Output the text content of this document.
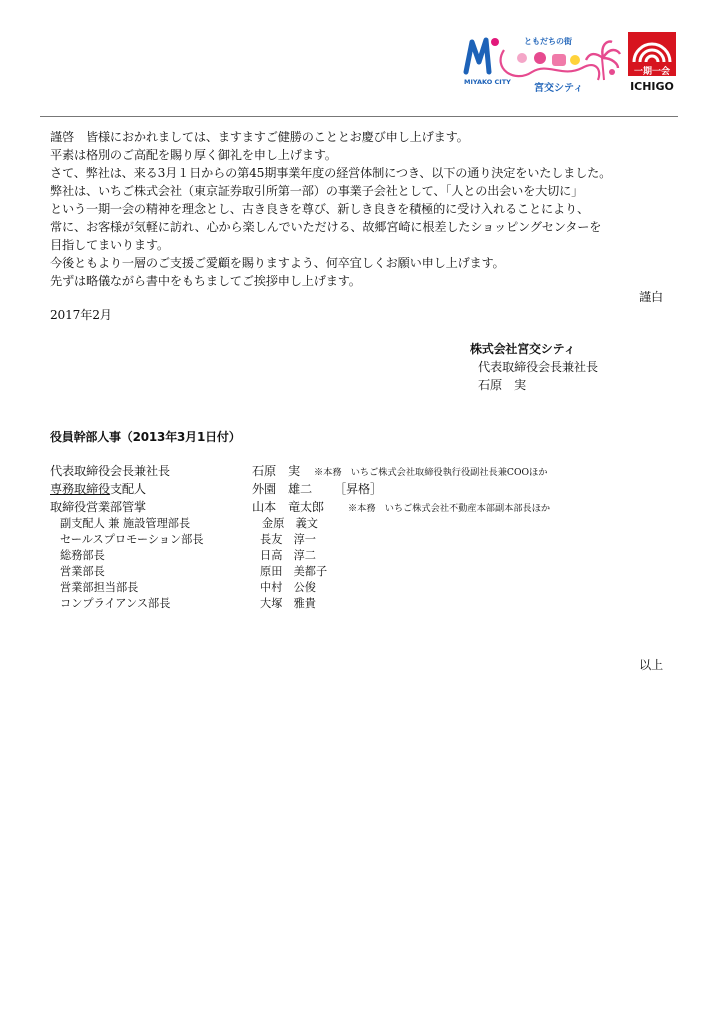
MIYAKO CITY
ともだちの街
宮交シティ
一期一会
ICHIGO
謹啓　皆様におかれましては、ますますご健勝のこととお慶び申し上げます。
平素は格別のご高配を賜り厚く御礼を申し上げます。
さて、弊社は、来る3月１日からの第45期事業年度の経営体制につき、以下の通り決定をいたしました。
弊社は、いちご株式会社（東京証券取引所第一部）の事業子会社として、「人との出会いを大切に」
という一期一会の精神を理念とし、古き良きを尊び、新しき良きを積極的に受け入れることにより、
常に、お客様が気軽に訪れ、心から楽しんでいただける、故郷宮崎に根差したショッピングセンターを
目指してまいります。
今後ともより一層のご支援ご愛顧を賜りますよう、何卒宜しくお願い申し上げます。
先ずは略儀ながら書中をもちましてご挨拶申し上げます。
謹白
2017年2月
株式会社宮交シティ
代表取締役会長兼社長
石原　実
役員幹部人事（2013年3月1日付）
代表取締役会長兼社長	石原　実 ※本務　いちご株式会社取締役執行役副社長兼COOほか
専務取締役支配人	外園　雄二 ［昇格］
取締役営業部管掌	山本　竜太郎	※本務　いちご株式会社不動産本部副本部長ほか
副支配人 兼 施設管理部長	金原　義文
セールスプロモーション部長	長友　淳一
総務部長	日高　淳二
営業部長	原田　美都子
営業部担当部長	中村　公俊
コンプライアンス部長	大塚　雅貴
以上
